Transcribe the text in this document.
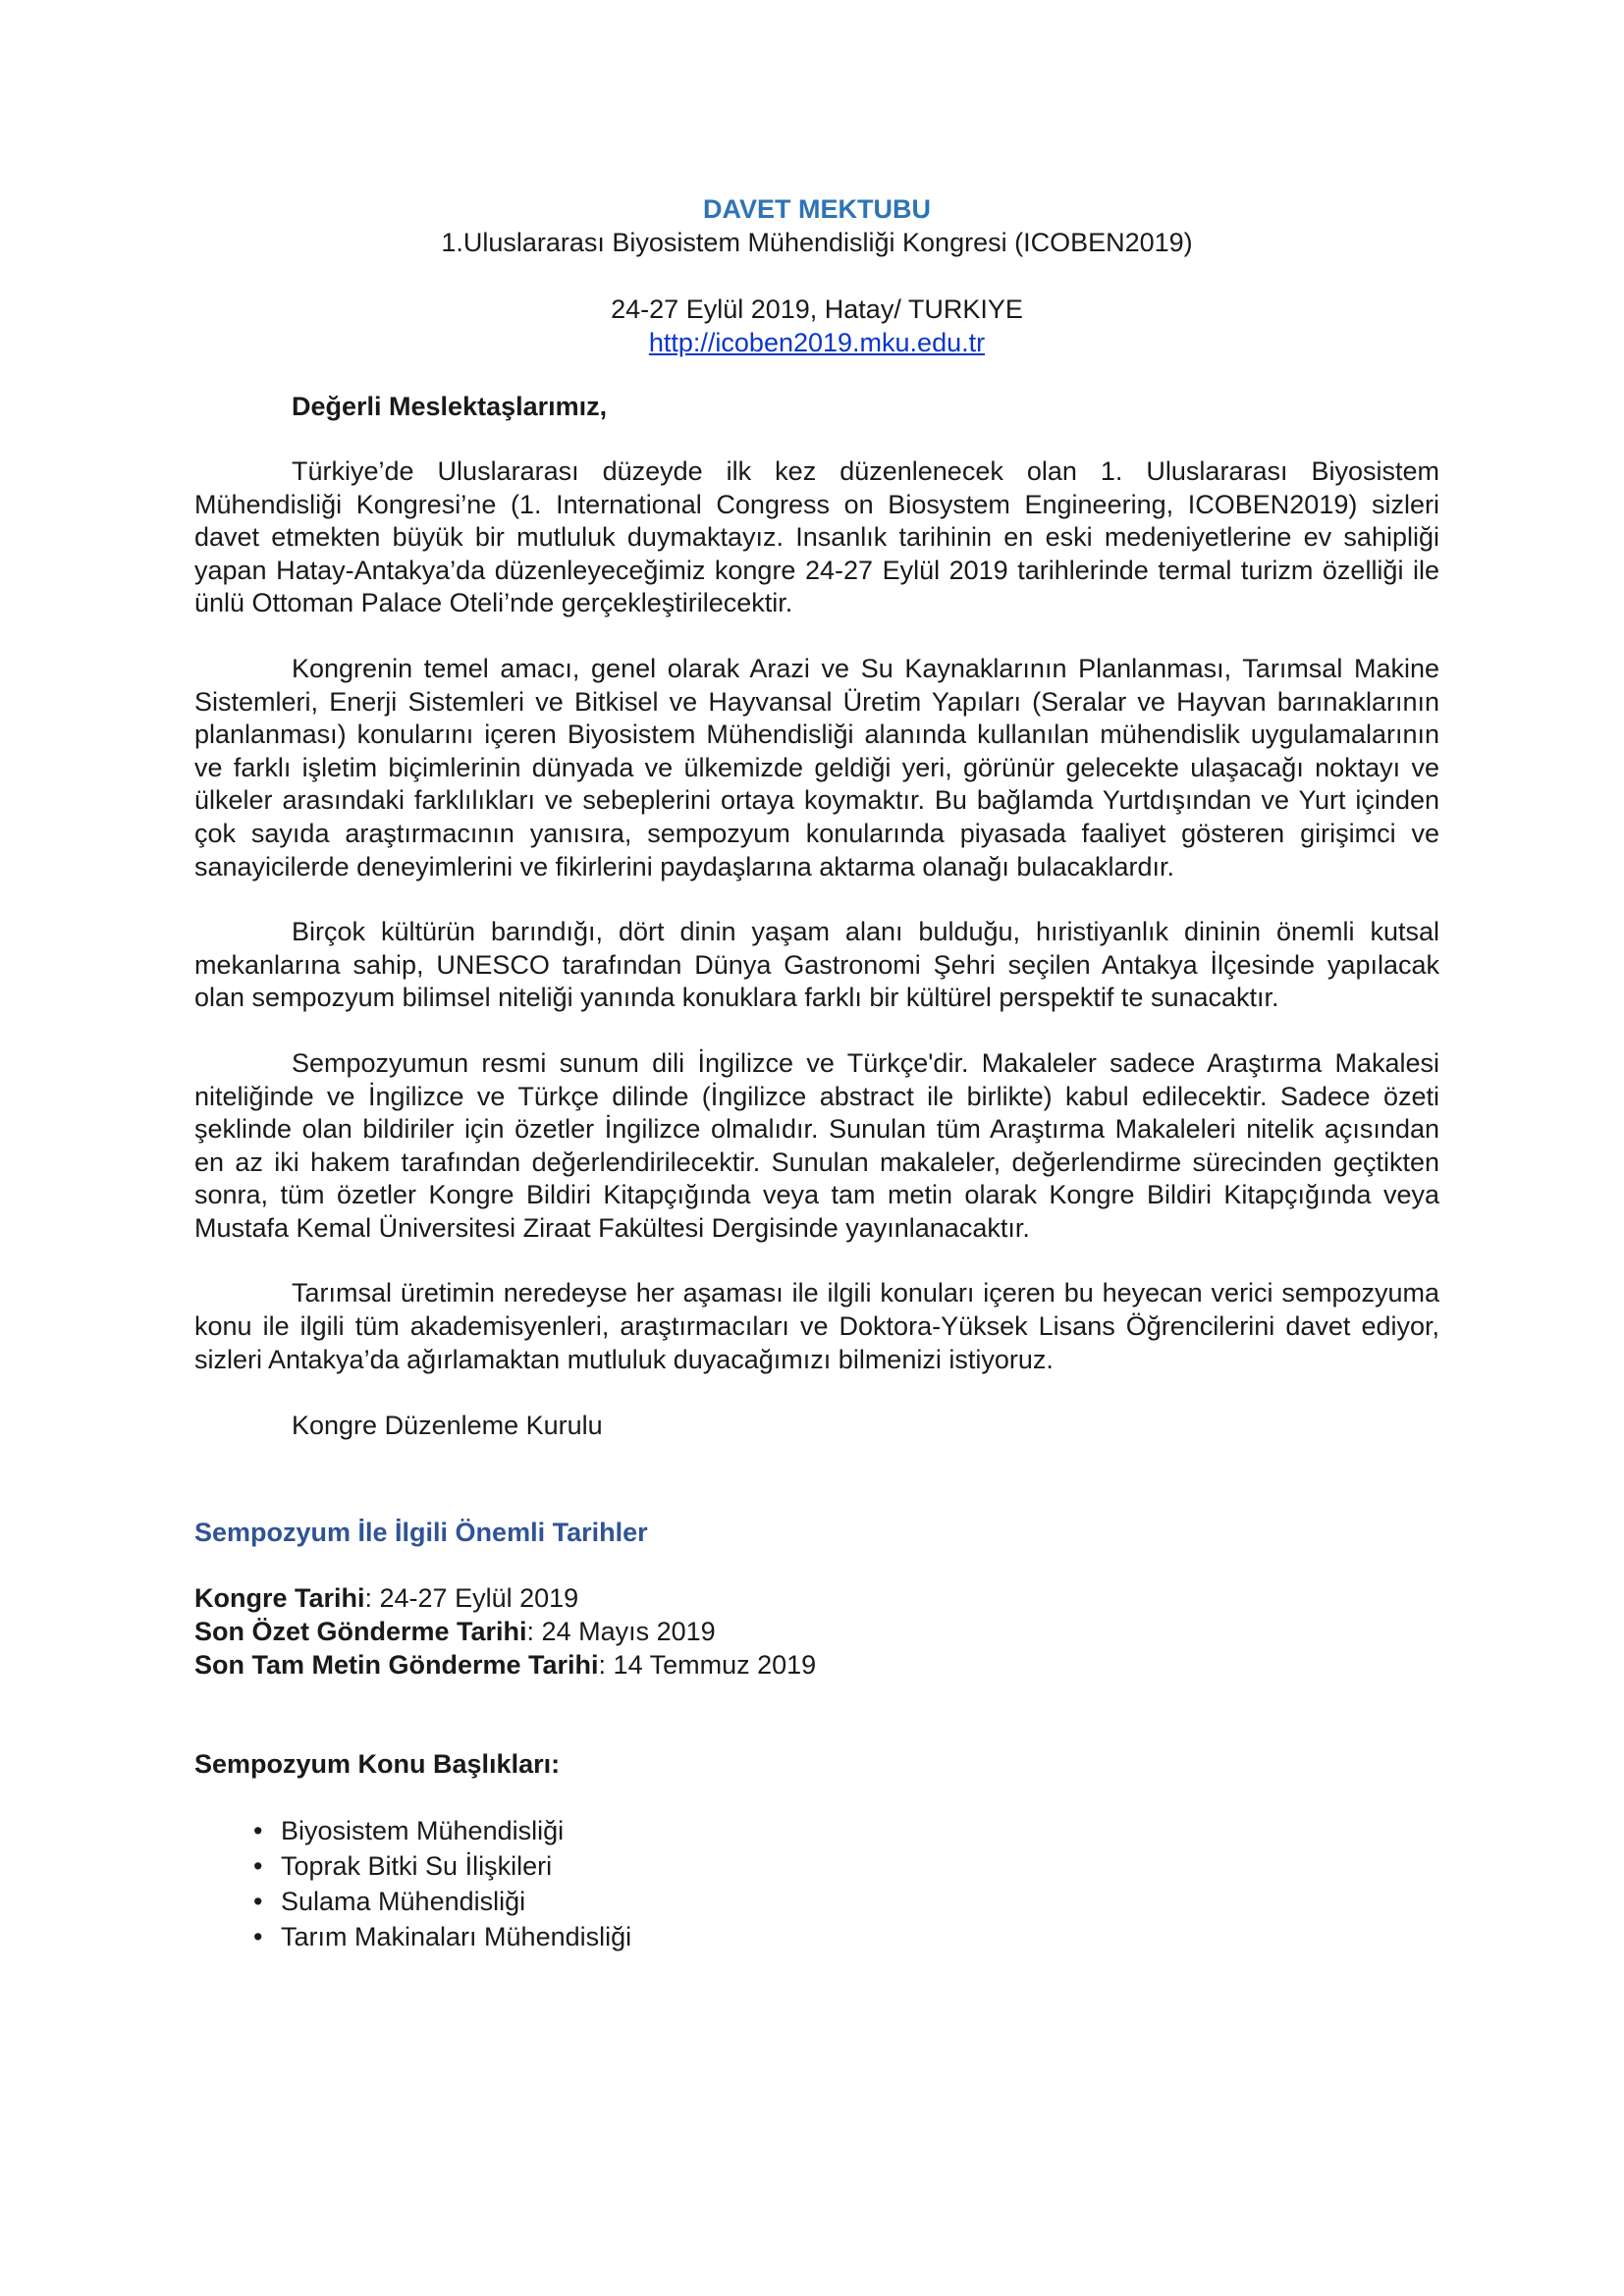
DAVET MEKTUBU
1.Uluslararası Biyosistem Mühendisliği Kongresi (ICOBEN2019)
24-27 Eylül 2019, Hatay/ TURKIYE
http://icoben2019.mku.edu.tr
Değerli Meslektaşlarımız,

Türkiye’de Uluslararası düzeyde ilk kez düzenlenecek olan 1. Uluslararası Biyosistem Mühendisliği Kongresi’ne (1. International Congress on Biosystem Engineering, ICOBEN2019) sizleri davet etmekten büyük bir mutluluk duymaktayız. Insanlık tarihinin en eski medeniyetlerine ev sahipliği yapan Hatay-Antakya’da düzenleyeceğimiz kongre 24-27 Eylül 2019 tarihlerinde termal turizm özelliği ile ünlü Ottoman Palace Oteli’nde gerçekleştirilecektir.

Kongrenin temel amacı, genel olarak Arazi ve Su Kaynaklarının Planlanması, Tarımsal Makine Sistemleri, Enerji Sistemleri ve Bitkisel ve Hayvansal Üretim Yapıları (Seralar ve Hayvan barınaklarının planlanması) konularını içeren Biyosistem Mühendisliği alanında kullanılan mühendislik uygulamalarının ve farklı işletim biçimlerinin dünyada ve ülkemizde geldiği yeri, görünür gelecekte ulaşacağı noktayı ve ülkeler arasındaki farklılıkları ve sebeplerini ortaya koymaktır. Bu bağlamda Yurtdışından ve Yurt içinden çok sayıda araştırmacının yanısıra, sempozyum konularında piyasada faaliyet gösteren girişimci ve sanayicilerde deneyimlerini ve fikirlerini paydaşlarına aktarma olanağı bulacaklardır.

Birçok kültürün barındığı, dört dinin yaşam alanı bulduğu, hıristiyanlık dininin önemli kutsal mekanlarına sahip, UNESCO tarafından Dünya Gastronomi Şehri seçilen Antakya İlçesinde yapılacak olan sempozyum bilimsel niteliği yanında konuklara farklı bir kültürel perspektif te sunacaktır.

Sempozyumun resmi sunum dili İngilizce ve Türkçe'dir. Makaleler sadece Araştırma Makalesi niteliğinde ve İngilizce ve Türkçe dilinde (İngilizce abstract ile birlikte) kabul edilecektir. Sadece özeti şeklinde olan bildiriler için özetler İngilizce olmalıdır. Sunulan tüm Araştırma Makaleleri nitelik açısından en az iki hakem tarafından değerlendirilecektir. Sunulan makaleler, değerlendirme sürecinden geçtikten sonra, tüm özetler Kongre Bildiri Kitapçığında veya tam metin olarak Kongre Bildiri Kitapçığında veya Mustafa Kemal Üniversitesi Ziraat Fakültesi Dergisinde yayınlanacaktır.

Tarımsal üretimin neredeyse her aşaması ile ilgili konuları içeren bu heyecan verici sempozyuma konu ile ilgili tüm akademisyenleri, araştırmacıları ve Doktora-Yüksek Lisans Öğrencilerini davet ediyor, sizleri Antakya’da ağırlamaktan mutluluk duyacağımızı bilmenizi istiyoruz.

Kongre Düzenleme Kurulu
Sempozyum İle İlgili Önemli Tarihler
Kongre Tarihi: 24-27 Eylül 2019
Son Özet Gönderme Tarihi: 24 Mayıs 2019
Son Tam Metin Gönderme Tarihi: 14 Temmuz 2019
Sempozyum Konu Başlıkları:
• Biyosistem Mühendisliği
• Toprak Bitki Su İlişkileri
• Sulama Mühendisliği
• Tarım Makinaları Mühendisliği
